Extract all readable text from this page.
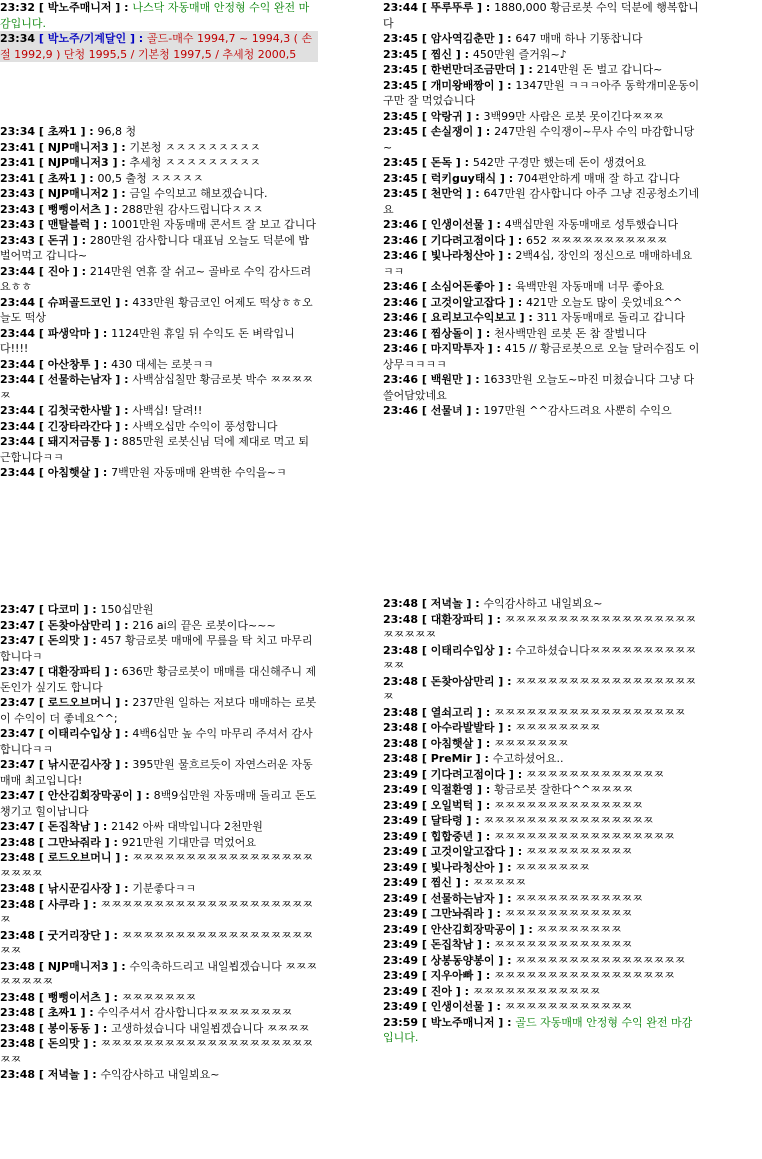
23:32 [ 박노주매니저 ] : 나스닥 자동매매 안정형 수익 완전 마감입니다.
23:34 [ 박노주/기계달인 ] : 골드-매수 1994,7 ~ 1994,3 ( 손절 1992,9 ) 단청 1995,5 / 기본청 1997,5 / 추세청 2000,5
23:34 [ 초짜1 ] : 96,8 청
23:41 [ NJP매니저3 ] : 기본청 ㅈㅈㅈㅈㅈㅈㅈㅈㅈ
23:41 [ NJP매니저3 ] : 추세청 ㅈㅈㅈㅈㅈㅈㅈㅈㅈ
23:41 [ 초짜1 ] : 00,5 출청 ㅈㅈㅈㅈㅈ
23:43 [ NJP매니저2 ] : 금일 수익보고 해보겠습니다.
23:43 [ 뻥뻥이서츠 ] : 288만원 감사드립니다ㅈㅈㅈ
23:43 [ 맨탈블럭 ] : 1001만원 자동매매 콘서트 잘 보고 갑니다
23:43 [ 돈귀 ] : 280만원 감사합니다 대표님 오늘도 덕분에 밥 벌어먹고 갑니다~
23:44 [ 진아 ] : 214만원 연휴 잘 쉬고~ 골바로 수익 감사드려요ㅎㅎ
23:44 [ 슈퍼골드코인 ] : 433만원 황금코인 어제도 떡상ㅎㅎ오늘도 떡상
23:44 [ 파생악마 ] : 1124만원 휴일 뒤 수익도 돈 벼락입니다!!!!
23:44 [ 아산창투 ] : 430 대세는 로봇ㅋㅋ
23:44 [ 선물하는남자 ] : 사백삼십칠만 황금로봇 박수 ㅉㅉㅉㅉㅉ
23:44 [ 김첫국한사발 ] : 사백십! 달려!!
23:44 [ 긴장타라간다 ] : 사백오십만 수익이 풍성합니다
23:44 [ 돼지저금통 ] : 885만원 로봇신님 덕에 제대로 먹고 퇴근합니다ㅋㅋ
23:44 [ 아침햇살 ] : 7백만원 자동매매 완벽한 수익을~ㅋ
23:44 [ 뚜루뚜루 ] : 1880,000 황금로봇 수익 덕분에 행복합니다
23:45 [ 암사역김춘만 ] : 647 매매 하나 기똥찹니다
23:45 [ 찜신 ] : 450만원 즐거워~♪
23:45 [ 한번만더조금만더 ] : 214만원 돈 벌고 갑니다~
23:45 [ 개미왕배짱이 ] : 1347만원 ㅋㅋㅋ아주 동학개미운동이구만 잘 먹었습니다
23:45 [ 악랑귀 ] : 3백99만 사람은 로봇 못이긴다ㅉㅉㅉ
23:45 [ 손실쟁이 ] : 247만원 수익쟁이~무사 수익 마감합니당~
23:45 [ 돈독 ] : 542만 구경만 했는데 돈이 생겼어요
23:45 [ 럭키guy태식 ] : 704편안하게 매매 잘 하고 갑니다
23:45 [ 천만억 ] : 647만원 감사합니다 아주 그냥 진공청소기네요
23:46 [ 인생이선물 ] : 4백십만원 자동매매로 성투했습니다
23:46 [ 기다려고점이다 ] : 652 ㅉㅉㅉㅉㅉㅉㅉㅉㅉㅉㅉ
23:46 [ 빛나라청산아 ] : 2백4십, 장인의 정신으로 매매하네요ㅋㅋ
23:46 [ 소심어돈좋아 ] : 육백만원 자동매매 너무 좋아요
23:46 [ 고것이알고잡다 ] : 421만 오늘도 많이 웃었네요^^
23:46 [ 요리보고수익보고 ] : 311 자동매매로 돌리고 갑니다
23:46 [ 찜상돌이 ] : 천사백만원 로봇 돈 참 잘벌니다
23:46 [ 마지막투자 ] : 415 // 황금로봇으로 오늘 달러수집도 이상무ㅋㅋㅋㅋ
23:46 [ 백원만 ] : 1633만원 오늘도~마진 미쳤습니다 그냥 다 쓸어담았네요
23:46 [ 선물녀 ] : 197만원 ^^감사드려요 사뿐히 수익으
23:47 [ 다코미 ] : 150십만원
23:47 [ 돈찾아삼만리 ] : 216 ai의 끝은 로봇이다~~~
23:47 [ 돈의맛 ] : 457 황금로봇 매매에 무릎을 탁 치고 마무리합니다ㅋ
23:47 [ 대환장파티 ] : 636만 황금로봇이 매매를 대신해주니 제돈인가 싶기도 합니다
23:47 [ 로드오브머니 ] : 237만원 일하는 저보다 매매하는 로봇이 수익이 더 좋네요^^;
23:47 [ 이태리수입상 ] : 4백6십만 높 수익 마무리 주셔서 감사합니다ㅋㅋ
23:47 [ 낚시꾼김사장 ] : 395만원 물흐르듯이 자연스러운 자동매매 최고입니다!
23:47 [ 안산김회장막공이 ] : 8백9십만원 자동매매 돌리고 돈도 챙기고 힐이납니다
23:47 [ 돈집착남 ] : 2142 아싸 대박입니다 2천만원
23:48 [ 그만놔줘라 ] : 921만원 기대만큼 먹었어요
23:48 [ 로드오브머니 ] : ㅉㅉㅉㅉㅉㅉㅉㅉㅉㅉㅉㅉㅉㅉㅉㅉㅉㅉㅉㅉㅉ
23:48 [ 낚시꾼김사장 ] : 기분좋다ㅋㅋ
23:48 [ 사쿠라 ] : ㅉㅉㅉㅉㅉㅉㅉㅉㅉㅉㅉㅉㅉㅉㅉㅉㅉㅉㅉㅉㅉ
23:48 [ 굿거리장단 ] : ㅉㅉㅉㅉㅉㅉㅉㅉㅉㅉㅉㅉㅉㅉㅉㅉㅉㅉㅉㅉ
23:48 [ NJP매니저3 ] : 수익축하드리고 내일뵙겠습니다 ㅉㅉㅉㅉㅉㅉㅉㅉ
23:48 [ 뻥뻥이서츠 ] : ㅉㅉㅉㅉㅉㅉㅉ
23:48 [ 초짜1 ] : 수익주셔서 감사합니다ㅉㅉㅉㅉㅉㅉㅉㅉ
23:48 [ 봉이동동 ] : 고생하셨습니다 내일뵙겠습니다 ㅉㅉㅉㅉ
23:48 [ 돈의맛 ] : ㅉㅉㅉㅉㅉㅉㅉㅉㅉㅉㅉㅉㅉㅉㅉㅉㅉㅉㅉㅉㅉㅉ
23:48 [ 저녁놀 ] : 수익감사하고 내일뵈요~
23:48 [ 저녁놀 ] : 수익감사하고 내일뵈요~
23:48 [ 대환장파티 ] : ㅉㅉㅉㅉㅉㅉㅉㅉㅉㅉㅉㅉㅉㅉㅉㅉㅉㅉㅉㅉㅉㅉㅉ
23:48 [ 이태리수입상 ] : 수고하셨습니다ㅉㅉㅉㅉㅉㅉㅉㅉㅉㅉㅉㅉ
23:48 [ 돈찾아삼만리 ] : ㅉㅉㅉㅉㅉㅉㅉㅉㅉㅉㅉㅉㅉㅉㅉㅉㅉㅉ
23:48 [ 열쇠고리 ] : ㅉㅉㅉㅉㅉㅉㅉㅉㅉㅉㅉㅉㅉㅉㅉㅉㅉㅉ
23:48 [ 아수라발발타 ] : ㅉㅉㅉㅉㅉㅉㅉㅉ
23:48 [ 아침햇살 ] : ㅉㅉㅉㅉㅉㅉㅉ
23:48 [ PreMir ] : 수고하셨어요..
23:49 [ 기다려고점이다 ] : ㅉㅉㅉㅉㅉㅉㅉㅉㅉㅉㅉㅉㅉ
23:49 [ 익절환영 ] : 황금로봇 잘한다^^ㅉㅉㅉㅉ
23:49 [ 오일벅턱 ] : ㅉㅉㅉㅉㅉㅉㅉㅉㅉㅉㅉㅉㅉㅉ
23:49 [ 달타령 ] : ㅉㅉㅉㅉㅉㅉㅉㅉㅉㅉㅉㅉㅉㅉㅉㅉ
23:49 [ 힙합중년 ] : ㅉㅉㅉㅉㅉㅉㅉㅉㅉㅉㅉㅉㅉㅉㅉㅉㅉ
23:49 [ 고것이알고잡다 ] : ㅉㅉㅉㅉㅉㅉㅉㅉㅉㅉ
23:49 [ 빛나라청산아 ] : ㅉㅉㅉㅉㅉㅉㅉ
23:49 [ 찜신 ] : ㅉㅉㅉㅉㅉ
23:49 [ 선물하는남자 ] : ㅉㅉㅉㅉㅉㅉㅉㅉㅉㅉㅉㅉ
23:49 [ 그만놔줘라 ] : ㅉㅉㅉㅉㅉㅉㅉㅉㅉㅉㅉㅉ
23:49 [ 안산김회장막공이 ] : ㅉㅉㅉㅉㅉㅉㅉㅉ
23:49 [ 돈집착남 ] : ㅉㅉㅉㅉㅉㅉㅉㅉㅉㅉㅉㅉㅉ
23:49 [ 상봉동양봉이 ] : ㅉㅉㅉㅉㅉㅉㅉㅉㅉㅉㅉㅉㅉㅉㅉㅉ
23:49 [ 지우아빠 ] : ㅉㅉㅉㅉㅉㅉㅉㅉㅉㅉㅉㅉㅉㅉㅉㅉㅉ
23:49 [ 진아 ] : ㅉㅉㅉㅉㅉㅉㅉㅉㅉㅉㅉㅉ
23:49 [ 인생이선물 ] : ㅉㅉㅉㅉㅉㅉㅉㅉㅉㅉㅉㅉ
23:59 [ 박노주매니저 ] : 골드 자동매매 안정형 수익 완전 마감입니다.
